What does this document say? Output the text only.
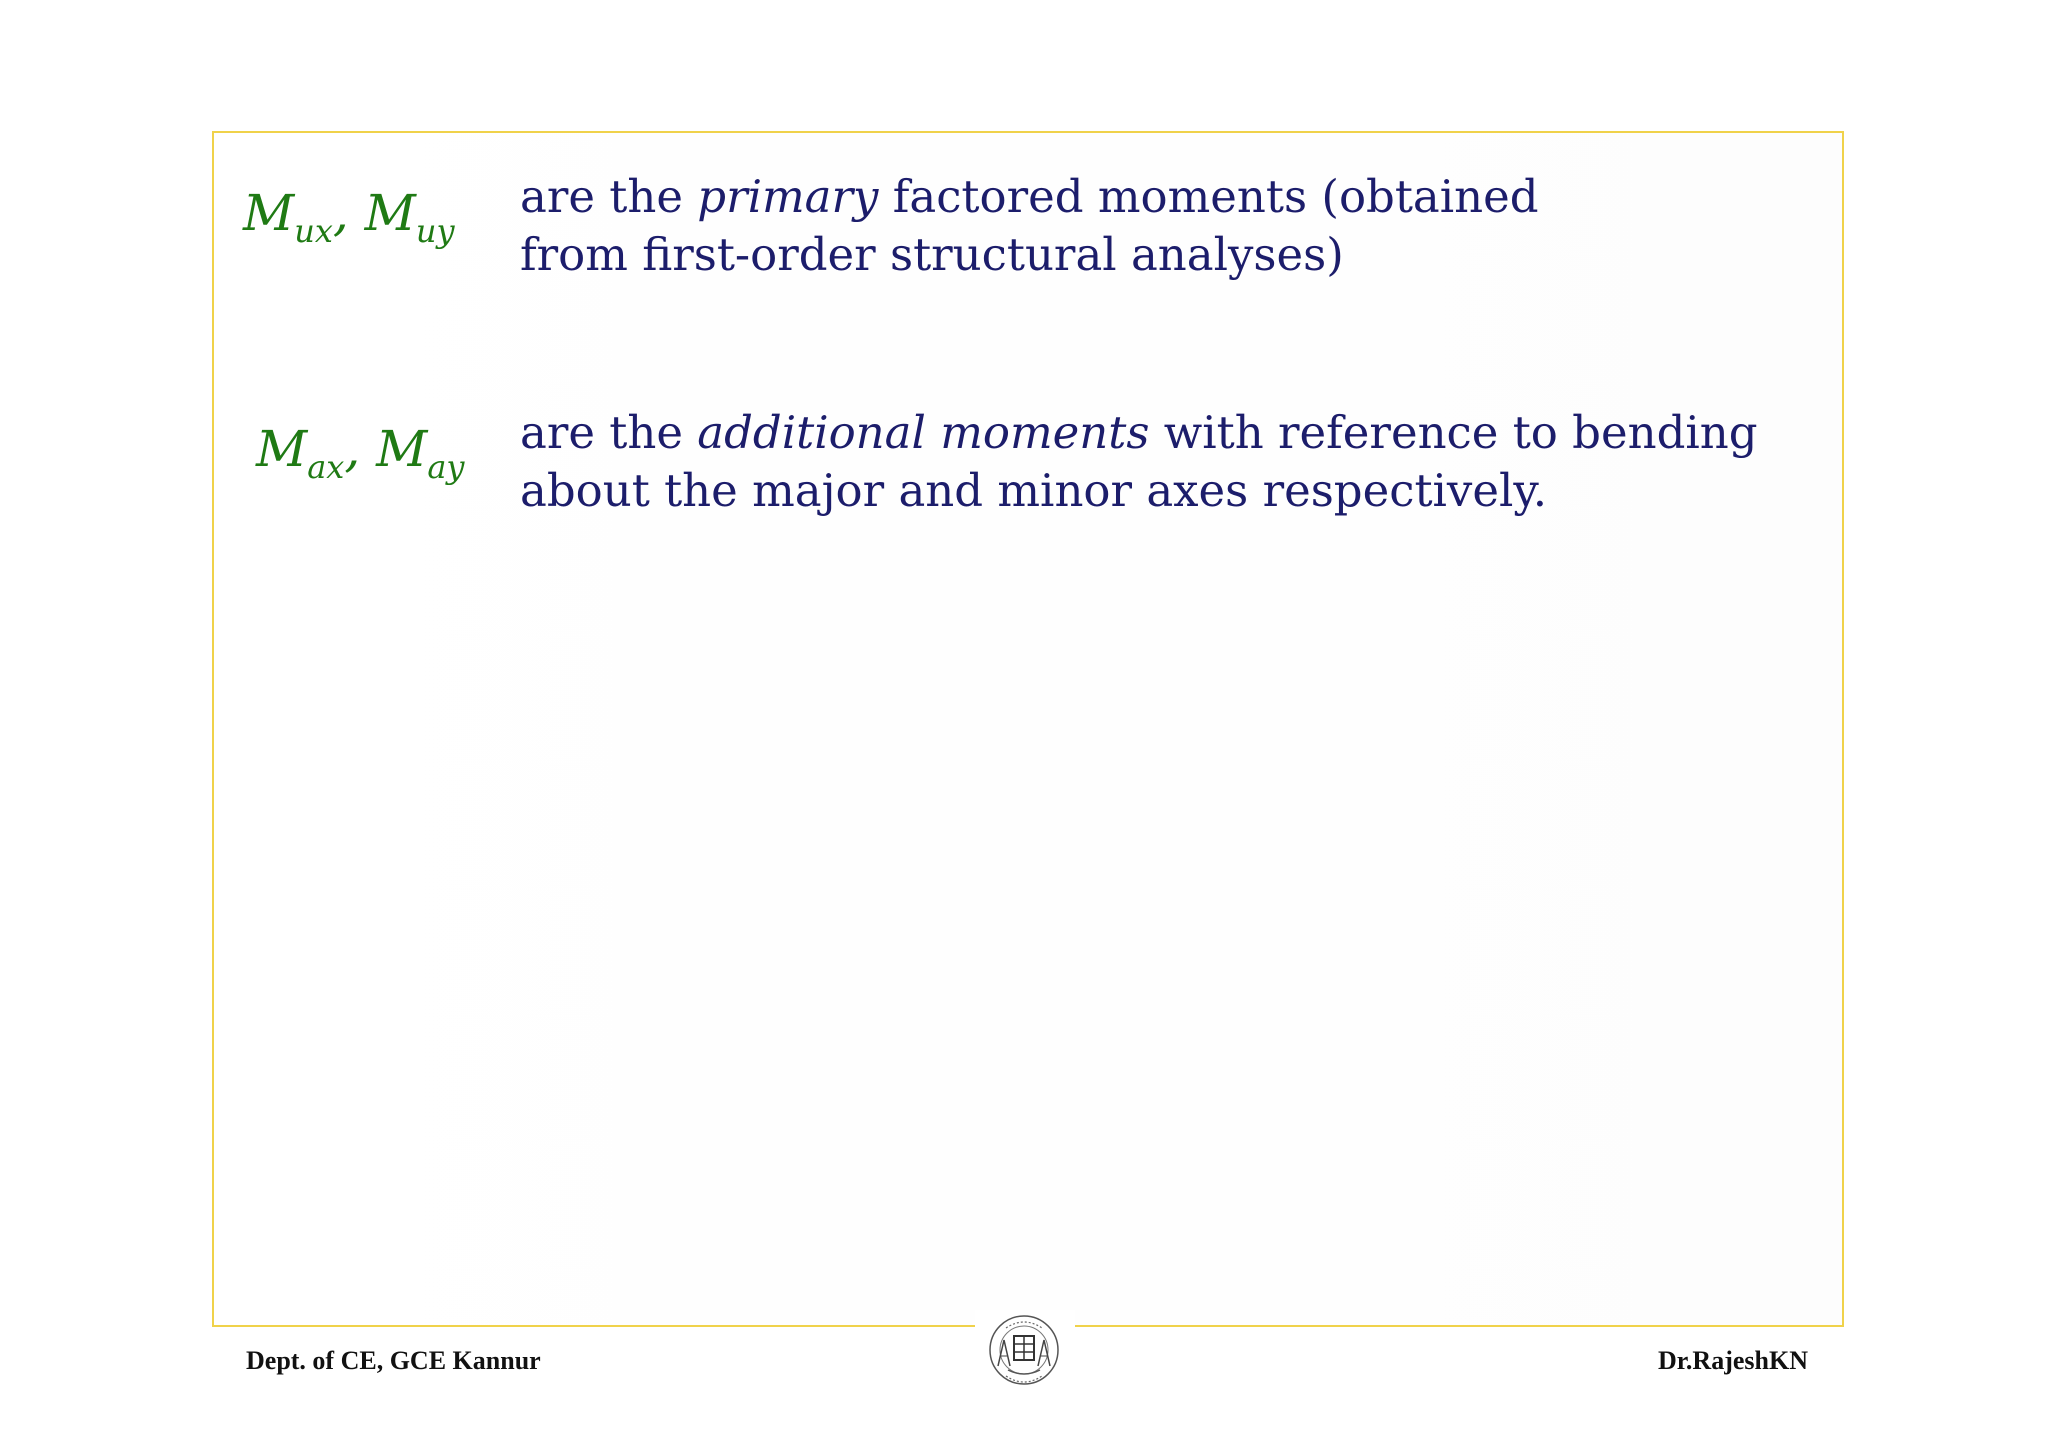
$M_{ux}$, $M_{uy}$
are the primary factored moments (obtained
from first-order structural analyses)
$M_{ax}$, $M_{ay}$
are the additional moments with reference to bending
about the major and minor axes respectively.
Dept. of CE, GCE Kannur	Dr.RajeshKN
